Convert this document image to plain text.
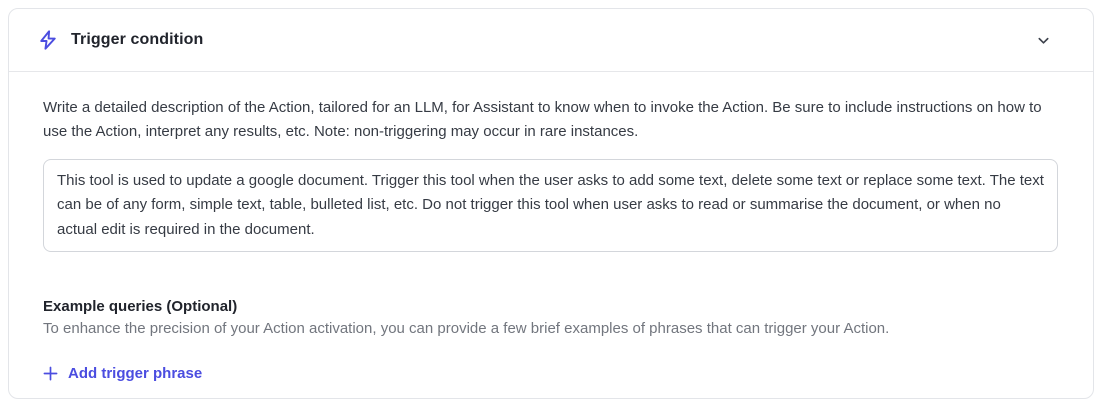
Trigger condition

Write a detailed description of the Action, tailored for an LLM, for Assistant to know when to invoke the Action. Be sure to include instructions on how to use the Action, interpret any results, etc. Note: non-triggering may occur in rare instances.

This tool is used to update a google document. Trigger this tool when the user asks to add some text, delete some text or replace some text. The text can be of any form, simple text, table, bulleted list, etc. Do not trigger this tool when user asks to read or summarise the document, or when no actual edit is required in the document.
Example queries (Optional)

To enhance the precision of your Action activation, you can provide a few brief examples of phrases that can trigger your Action.

Add trigger phrase
